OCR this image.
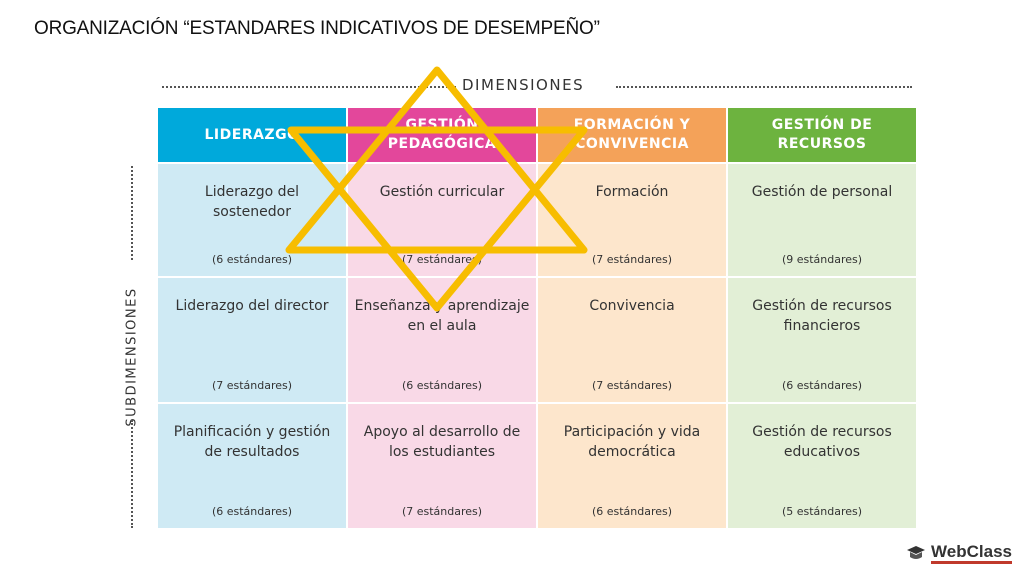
ORGANIZACIÓN “ESTANDARES INDICATIVOS DE DESEMPEÑO”
DIMENSIONES
SUBDIMENSIONES
LIDERAZGO
GESTIÓN PEDAGÓGICA
FORMACIÓN Y CONVIVENCIA
GESTIÓN DE RECURSOS
Liderazgo del sostenedor
(6 estándares)
Gestión curricular
(7 estándares)
Formación
(7 estándares)
Gestión de personal
(9 estándares)
Liderazgo del director
(7 estándares)
Enseñanza y aprendizaje en el aula
(6 estándares)
Convivencia
(7 estándares)
Gestión de recursos financieros
(6 estándares)
Planificación y gestión de resultados
(6 estándares)
Apoyo al desarrollo de los estudiantes
(7 estándares)
Participación y vida democrática
(6 estándares)
Gestión de recursos educativos
(5 estándares)
WebClass
